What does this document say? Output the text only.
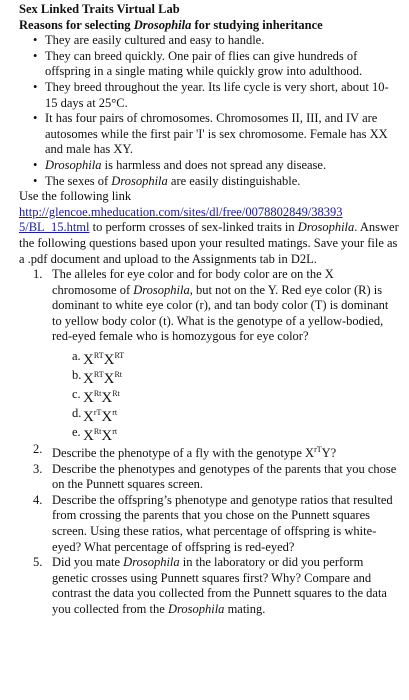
Sex Linked Traits Virtual Lab
Reasons for selecting Drosophila for studying inheritance
• They are easily cultured and easy to handle.
• They can breed quickly. One pair of flies can give hundreds of offspring in a single mating while quickly grow into adulthood.
• They breed throughout the year. Its life cycle is very short, about 10-15 days at 25°C.
• It has four pairs of chromosomes. Chromosomes II, III, and IV are autosomes while the first pair 'I' is sex chromosome. Female has XX and male has XY.
• Drosophila is harmless and does not spread any disease.
• The sexes of Drosophila are easily distinguishable.
Use the following link
http://glencoe.mheducation.com/sites/dl/free/0078802849/38393
5/BL_15.html to perform crosses of sex-linked traits in Drosophila. Answer the following questions based upon your resulted matings. Save your file as a .pdf document and upload to the Assignments tab in D2L.
1. The alleles for eye color and for body color are on the X chromosome of Drosophila, but not on the Y. Red eye color (R) is dominant to white eye color (r), and tan body color (T) is dominant to yellow body color (t). What is the genotype of a yellow-bodied, red-eyed female who is homozygous for eye color?
a. $X^{RT}X^{RT}$
b. $X^{RT}X^{Rt}$
c. $X^{Rt}X^{Rt}$
d. $X^{rT}X^{rt}$
e. $X^{Rt}X^{rt}$
2. Describe the phenotype of a fly with the genotype $X^{rT}Y$?
3. Describe the phenotypes and genotypes of the parents that you chose on the Punnett squares screen.
4. Describe the offspring’s phenotype and genotype ratios that resulted from crossing the parents that you chose on the Punnett squares screen. Using these ratios, what percentage of offspring is white-eyed? What percentage of offspring is red-eyed?
5. Did you mate Drosophila in the laboratory or did you perform genetic crosses using Punnett squares first? Why? Compare and contrast the data you collected from the Punnett squares to the data you collected from the Drosophila mating.
